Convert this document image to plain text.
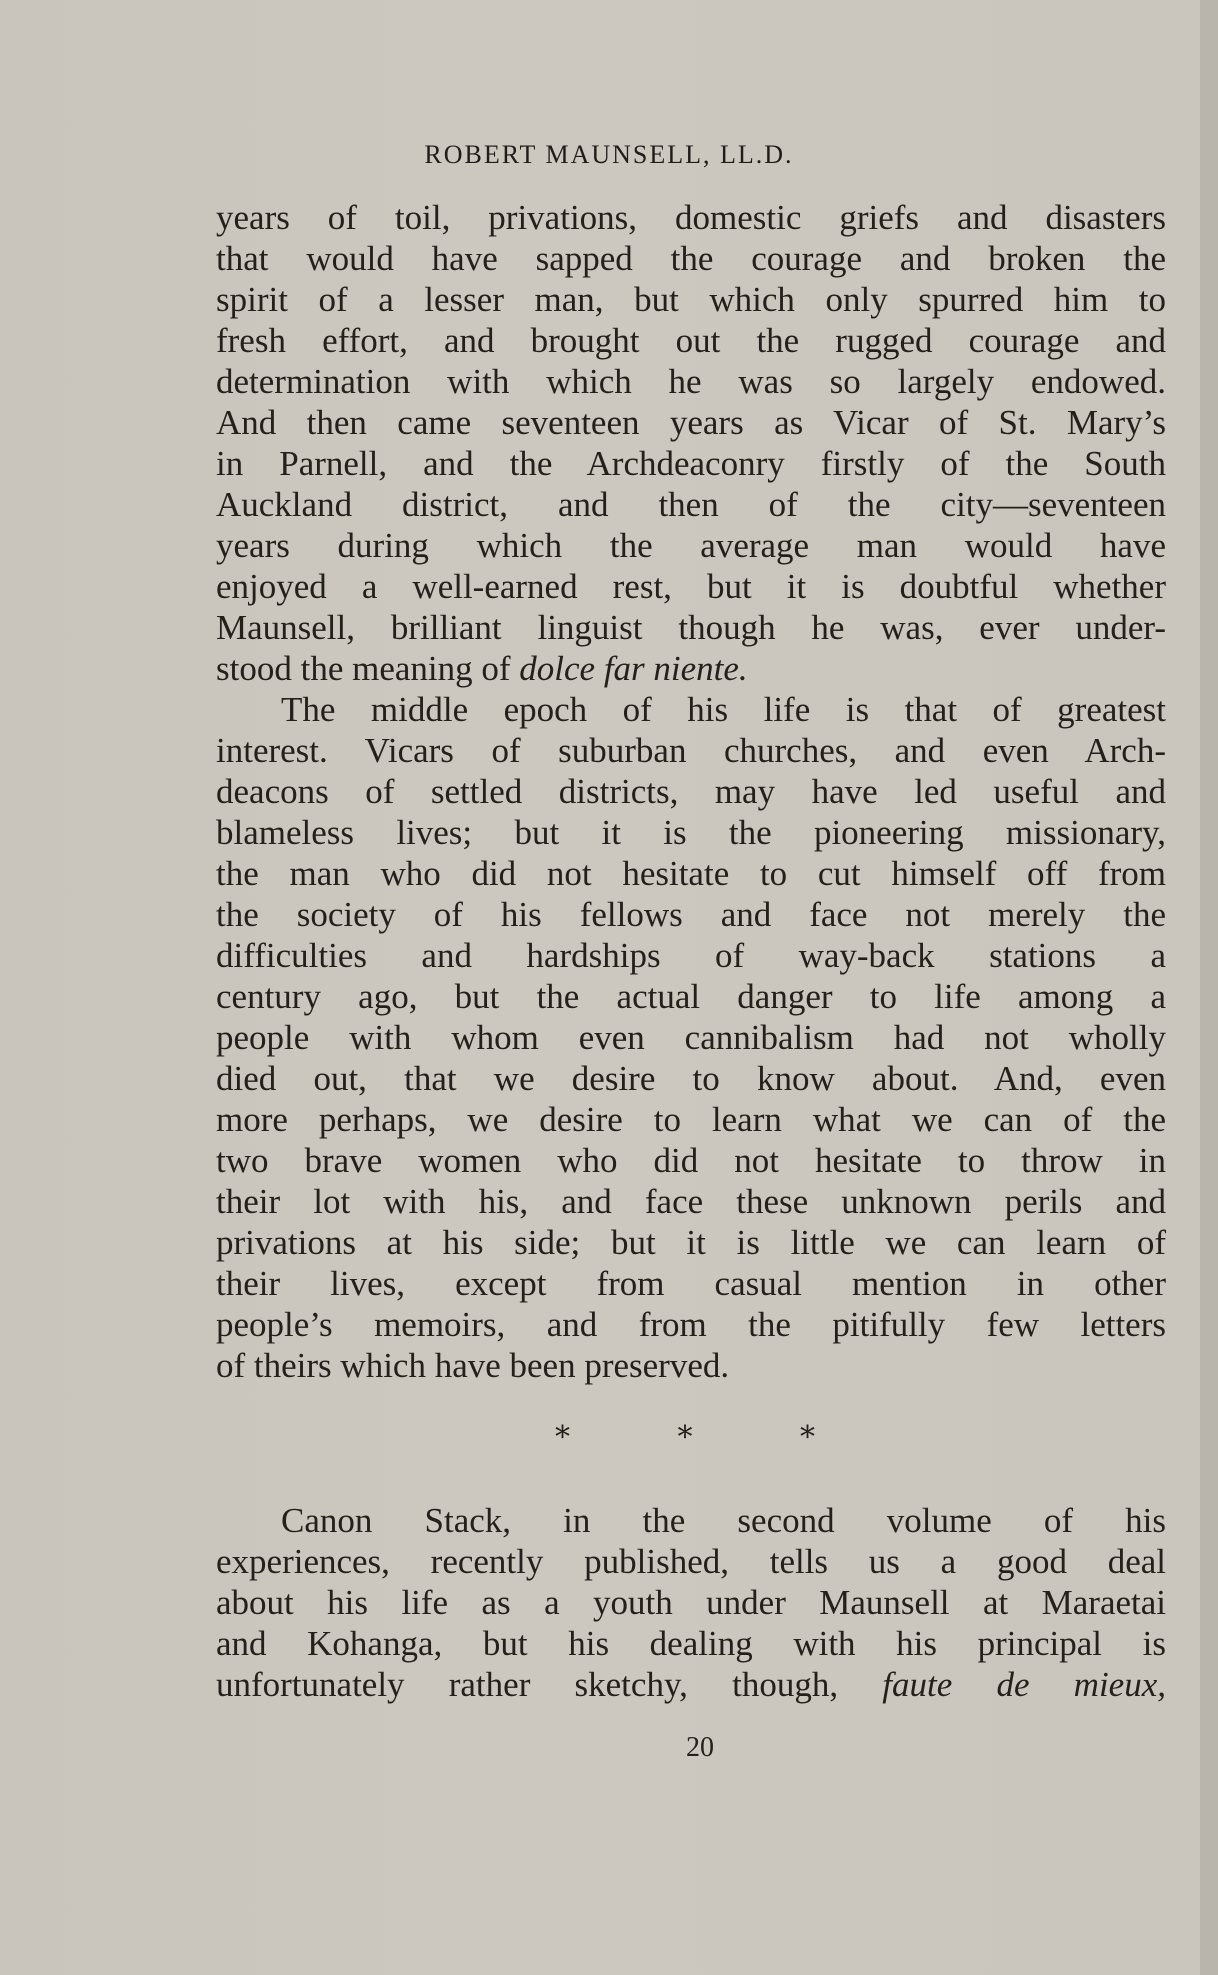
ROBERT MAUNSELL, LL.D.
years of toil, privations, domestic griefs and disasters
that would have sapped the courage and broken the
spirit of a lesser man, but which only spurred him to
fresh effort, and brought out the rugged courage and
determination with which he was so largely endowed.
And then came seventeen years as Vicar of St. Mary’s
in Parnell, and the Archdeaconry firstly of the South
Auckland district, and then of the city—seventeen
years during which the average man would have
enjoyed a well-earned rest, but it is doubtful whether
Maunsell, brilliant linguist though he was, ever under-
stood the meaning of dolce far niente.
The middle epoch of his life is that of greatest
interest. Vicars of suburban churches, and even Arch-
deacons of settled districts, may have led useful and
blameless lives; but it is the pioneering missionary,
the man who did not hesitate to cut himself off from
the society of his fellows and face not merely the
difficulties and hardships of way-back stations a
century ago, but the actual danger to life among a
people with whom even cannibalism had not wholly
died out, that we desire to know about. And, even
more perhaps, we desire to learn what we can of the
two brave women who did not hesitate to throw in
their lot with his, and face these unknown perils and
privations at his side; but it is little we can learn of
their lives, except from casual mention in other
people’s memoirs, and from the pitifully few letters
of theirs which have been preserved.
*	*	*
Canon Stack, in the second volume of his
experiences, recently published, tells us a good deal
about his life as a youth under Maunsell at Maraetai
and Kohanga, but his dealing with his principal is
unfortunately rather sketchy, though, faute de mieux,
20
